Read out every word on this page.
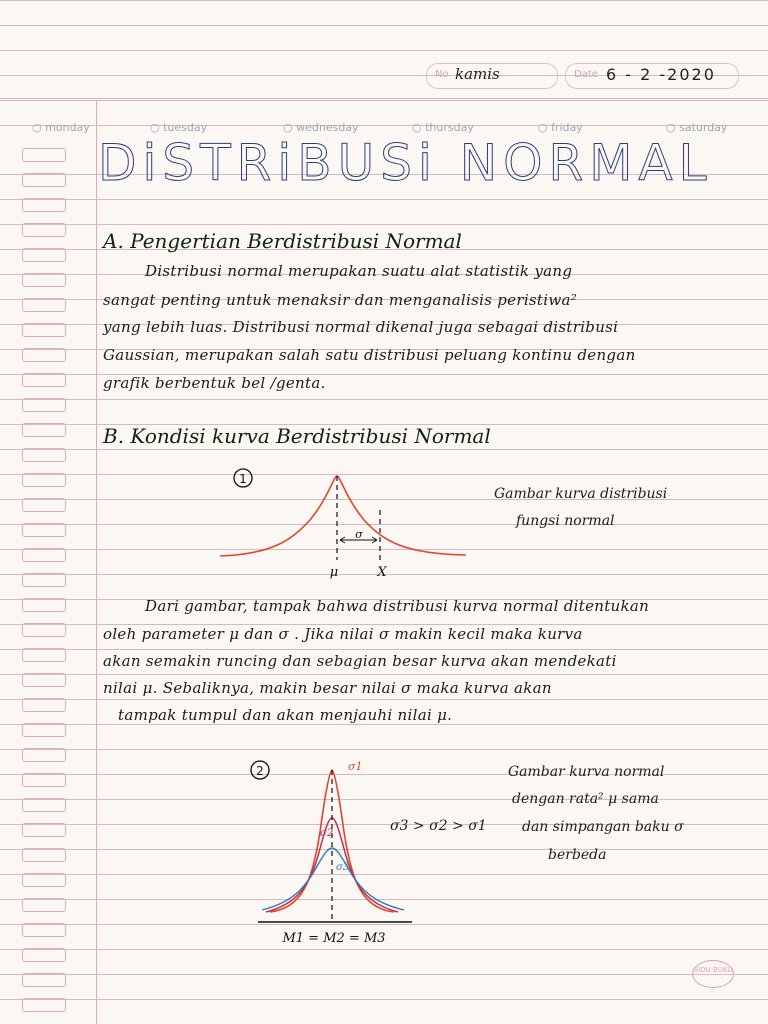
No kamis	Date 6 - 2 -2020
○ monday	○ tuesday	○ wednesday	○ thursday	○ friday	○ saturday
DiSTRiBUSi NORMAL
A. Pengertian Berdistribusi Normal
Distribusi normal merupakan suatu alat statistik yang
sangat penting untuk menaksir dan menganalisis peristiwa²
yang lebih luas. Distribusi normal dikenal juga sebagai distribusi
Gaussian, merupakan salah satu distribusi peluang kontinu dengan
grafik berbentuk bel /genta.
B. Kondisi kurva Berdistribusi Normal
1
σ
μ	X
Gambar kurva distribusi
fungsi normal
Dari gambar, tampak bahwa distribusi kurva normal ditentukan
oleh parameter μ dan σ . Jika nilai σ makin kecil maka kurva
akan semakin runcing dan sebagian besar kurva akan mendekati
nilai μ. Sebaliknya, makin besar nilai σ maka kurva akan
tampak tumpul dan akan menjauhi nilai μ.
2	σ1
σ2
σ3
M1 = M2 = M3
σ3 > σ2 > σ1
Gambar kurva normal
dengan rata² μ sama
dan simpangan baku σ
berbeda
SIDU BUKU
